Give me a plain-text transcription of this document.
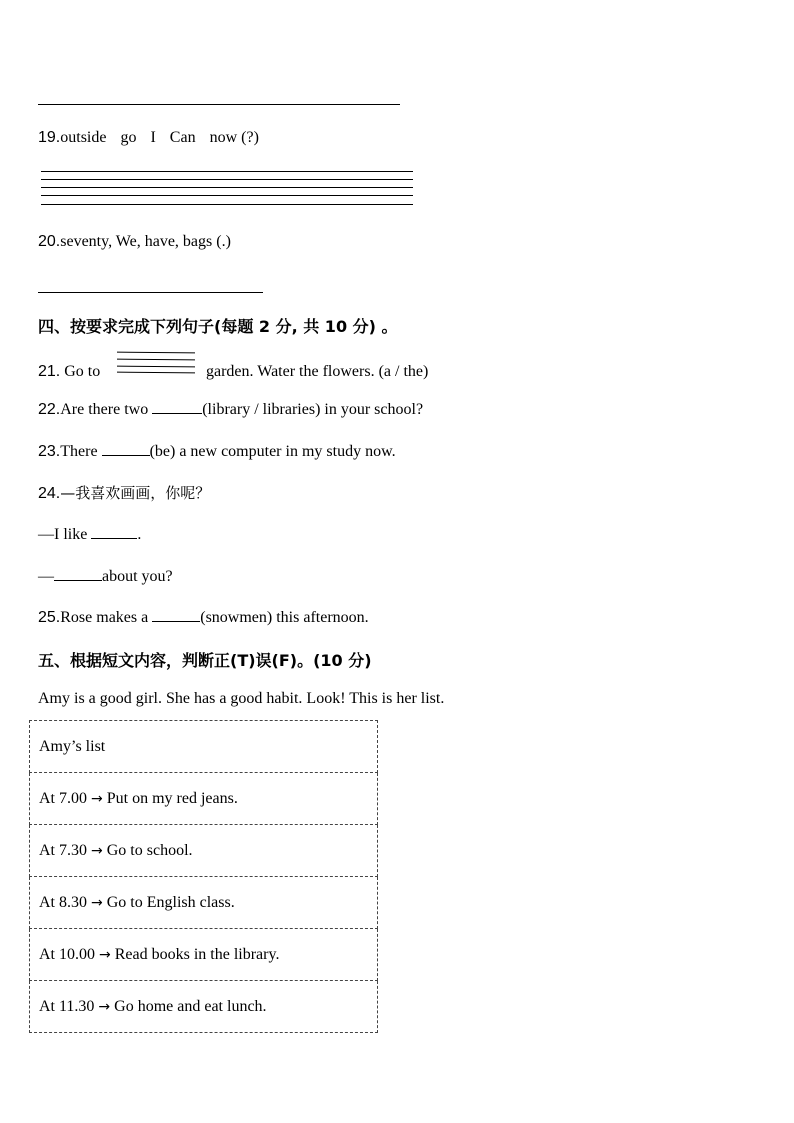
19.outside go I Can now (?)
20.seventy, We, have, bags (.)
四、按要求完成下列句子(每题 2 分, 共 10 分) 。
21. Go to	garden. Water the flowers. (a / the)
22.Are there two	(library / libraries) in your school?
23.There	(be) a new computer in my study now.
24.—我喜欢画画，你呢？
—I like	.
—	about you?
25.Rose makes a	(snowmen) this afternoon.
五、根据短文内容，判断正(T)误(F)。(10 分)
Amy is a good girl. She has a good habit. Look! This is her list.
Amy’s list
At 7.00 → Put on my red jeans.
At 7.30 → Go to school.
At 8.30 → Go to English class.
At 10.00 → Read books in the library.
At 11.30 → Go home and eat lunch.
